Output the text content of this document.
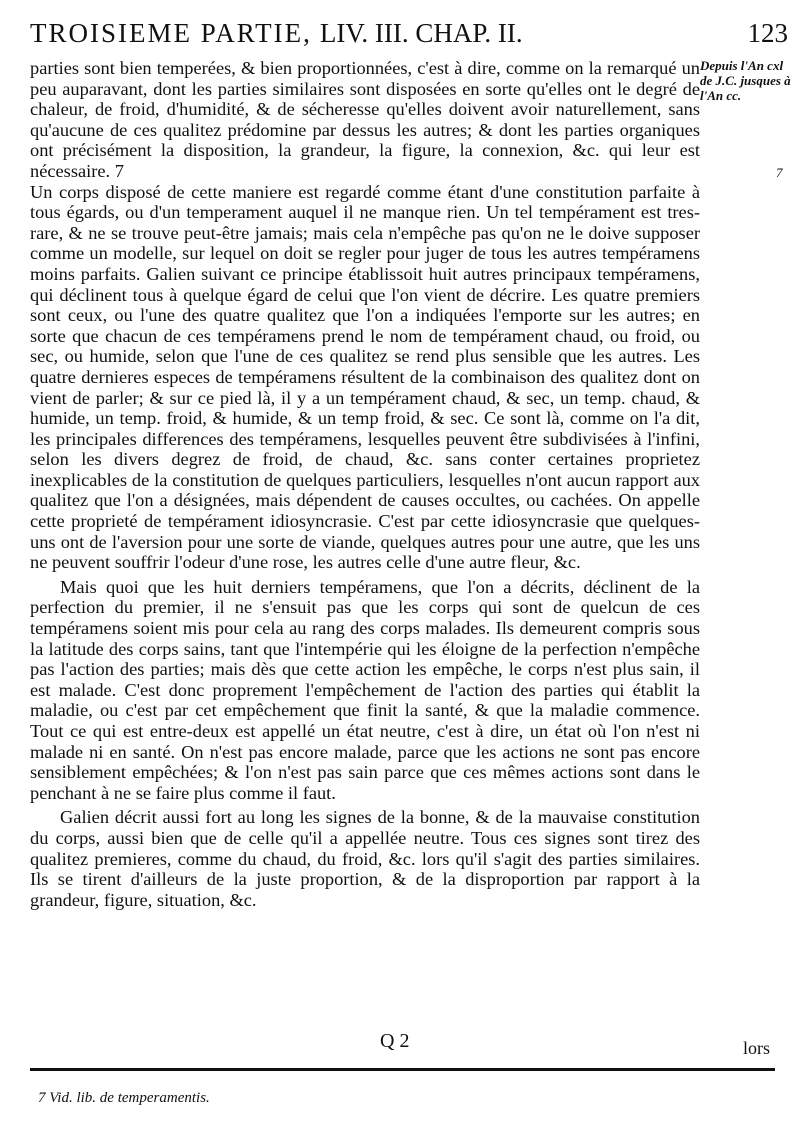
TROISIEME PARTIE, LIV. III. CHAP. II.	123
Depuis l'An cxl de J.C. jusques à l'An cc.
7

parties sont bien temperées, & bien proportionnées, c'est à dire, comme on la remarqué un peu auparavant, dont les parties similaires sont disposées en sorte qu'elles ont le degré de chaleur, de froid, d'humidité, & de sécheresse qu'elles doivent avoir naturellement, sans qu'aucune de ces qualitez prédomine par dessus les autres; & dont les parties organiques ont précisément la disposition, la grandeur, la figure, la connexion, &c. qui leur est nécessaire. 7

Un corps disposé de cette maniere est regardé comme étant d'une constitution parfaite à tous égards, ou d'un temperament auquel il ne manque rien. Un tel tempérament est tres-rare, & ne se trouve peut-être jamais; mais cela n'empêche pas qu'on ne le doive supposer comme un modelle, sur lequel on doit se regler pour juger de tous les autres tempéramens moins parfaits. Galien suivant ce principe établissoit huit autres principaux tempéramens, qui déclinent tous à quelque égard de celui que l'on vient de décrire. Les quatre premiers sont ceux, ou l'une des quatre qualitez que l'on a indiquées l'emporte sur les autres; en sorte que chacun de ces tempéramens prend le nom de tempérament chaud, ou froid, ou sec, ou humide, selon que l'une de ces qualitez se rend plus sensible que les autres. Les quatre dernieres especes de tempéramens résultent de la combinaison des qualitez dont on vient de parler; & sur ce pied là, il y a un tempérament chaud, & sec, un temp. chaud, & humide, un temp. froid, & humide, & un temp froid, & sec. Ce sont là, comme on l'a dit, les principales differences des tempéramens, lesquelles peuvent être subdivisées à l'infini, selon les divers degrez de froid, de chaud, &c. sans conter certaines proprietez inexplicables de la constitution de quelques particuliers, lesquelles n'ont aucun rapport aux qualitez que l'on a désignées, mais dépendent de causes occultes, ou cachées. On appelle cette proprieté de tempérament idiosyncrasie. C'est par cette idiosyncrasie que quelques-uns ont de l'aversion pour une sorte de viande, quelques autres pour une autre, que les uns ne peuvent souffrir l'odeur d'une rose, les autres celle d'une autre fleur, &c.

Mais quoi que les huit derniers tempéramens, que l'on a décrits, déclinent de la perfection du premier, il ne s'ensuit pas que les corps qui sont de quelcun de ces tempéramens soient mis pour cela au rang des corps malades. Ils demeurent compris sous la latitude des corps sains, tant que l'intempérie qui les éloigne de la perfection n'empêche pas l'action des parties; mais dès que cette action les empêche, le corps n'est plus sain, il est malade. C'est donc proprement l'empêchement de l'action des parties qui établit la maladie, ou c'est par cet empêchement que finit la santé, & que la maladie commence. Tout ce qui est entre-deux est appellé un état neutre, c'est à dire, un état où l'on n'est ni malade ni en santé. On n'est pas encore malade, parce que les actions ne sont pas encore sensiblement empêchées; & l'on n'est pas sain parce que ces mêmes actions sont dans le penchant à ne se faire plus comme il faut.

Galien décrit aussi fort au long les signes de la bonne, & de la mauvaise constitution du corps, aussi bien que de celle qu'il a appellée neutre. Tous ces signes sont tirez des qualitez premieres, comme du chaud, du froid, &c. lors qu'il s'agit des parties similaires. Ils se tirent d'ailleurs de la juste proportion, & de la disproportion par rapport à la grandeur, figure, situation, &c.

Q 2	lors
7 Vid. lib. de temperamentis.
